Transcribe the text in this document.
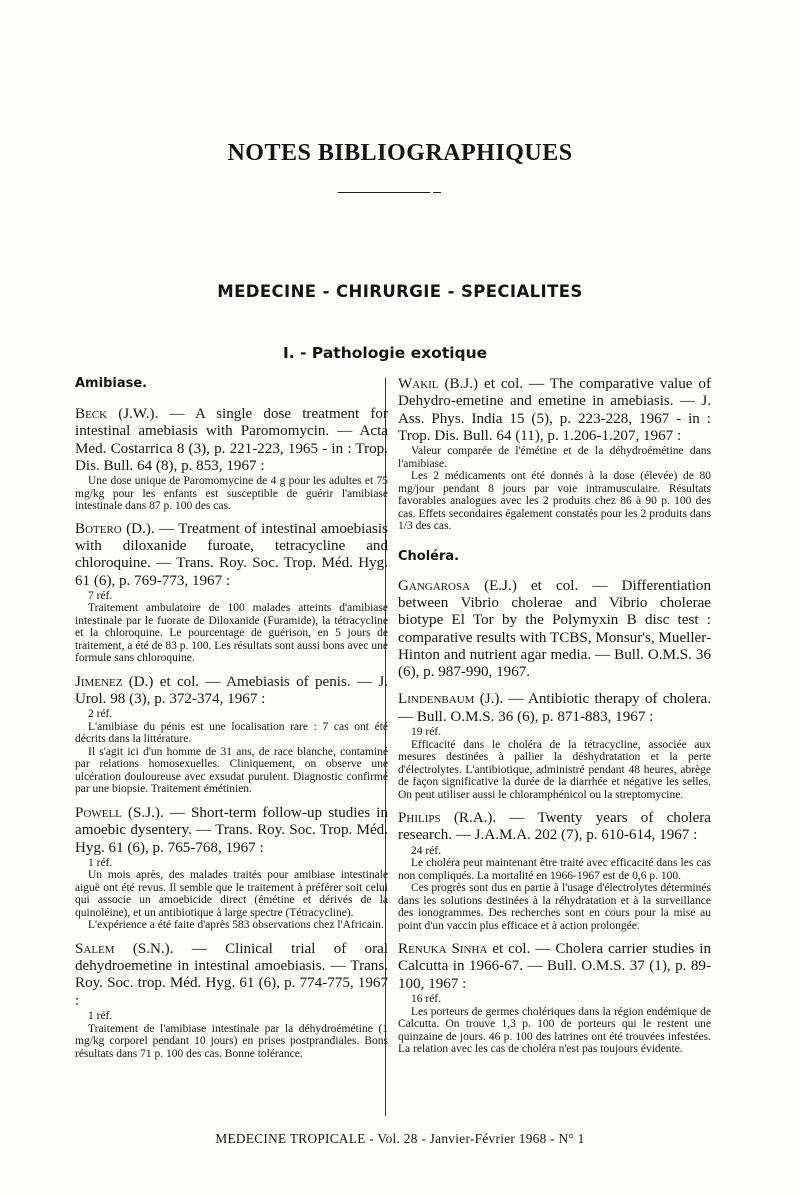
NOTES BIBLIOGRAPHIQUES
MEDECINE - CHIRURGIE - SPECIALITES
I. - Pathologie exotique
Amibiase.

Beck (J.W.). — A single dose treatment for intestinal amebiasis with Paromomycin. — Acta Med. Costarrica 8 (3), p. 221-223, 1965 - in : Trop. Dis. Bull. 64 (8), p. 853, 1967 :

Une dose unique de Paromomycine de 4 g pour les adultes et 75 mg/kg pour les enfants est susceptible de guérir l'amibiase intestinale dans 87 p. 100 des cas.

Botero (D.). — Treatment of intestinal amoebiasis with diloxanide furoate, tetracycline and chloroquine. — Trans. Roy. Soc. Trop. Méd. Hyg. 61 (6), p. 769-773, 1967 :

7 réf.

Traitement ambulatoire de 100 malades atteints d'amibiase intestinale par le fuorate de Diloxanide (Furamide), la tétracycline et la chloroquine. Le pourcentage de guérison, en 5 jours de traitement, a été de 83 p. 100. Les résultats sont aussi bons avec une formule sans chloroquine.

Jimenez (D.) et col. — Amebiasis of penis. — J. Urol. 98 (3), p. 372-374, 1967 :

2 réf.

L'amibiase du pénis est une localisation rare : 7 cas ont été décrits dans la littérature.

Il s'agit ici d'un homme de 31 ans, de race blanche, contaminé par relations homosexuelles. Cliniquement, on observe une ulcération douloureuse avec exsudat purulent. Diagnostic confirmé par une biopsie. Traitement émétinien.

Powell (S.J.). — Short-term follow-up studies in amoebic dysentery. — Trans. Roy. Soc. Trop. Méd. Hyg. 61 (6), p. 765-768, 1967 :

1 réf.

Un mois après, des malades traités pour amibiase intestinale aiguë ont été revus. Il semble que le traitement à préférer soit celui qui associe un amoebicide direct (émétine et dérivés de la quinoléine), et un antibiotique à large spectre (Tétracycline).

L'expérience a été faite d'après 583 observations chez l'Africain.

Salem (S.N.). — Clinical trial of oral dehydroemetine in intestinal amoebiasis. — Trans. Roy. Soc. trop. Méd. Hyg. 61 (6), p. 774-775, 1967 :

1 réf.

Traitement de l'amibiase intestinale par la déhydroémétine (1 mg/kg corporel pendant 10 jours) en prises postprandiales. Bons résultats dans 71 p. 100 des cas. Bonne tolérance.

Wakil (B.J.) et col. — The comparative value of Dehydro-emetine and emetine in amebiasis. — J. Ass. Phys. India 15 (5), p. 223-228, 1967 - in : Trop. Dis. Bull. 64 (11), p. 1.206-1.207, 1967 :

Valeur comparée de l'émétine et de la déhydroémétine dans l'amibiase.

Les 2 médicaments ont été donnés à la dose (élevée) de 80 mg/jour pendant 8 jours par voie intramusculaire. Résultats favorables analogues avec les 2 produits chez 86 à 90 p. 100 des cas. Effets secondaires également constatés pour les 2 produits dans 1/3 des cas.

Choléra.

Gangarosa (E.J.) et col. — Differentiation between Vibrio cholerae and Vibrio cholerae biotype El Tor by the Polymyxin B disc test : comparative results with TCBS, Monsur's, Mueller-Hinton and nutrient agar media. — Bull. O.M.S. 36 (6), p. 987-990, 1967.

Lindenbaum (J.). — Antibiotic therapy of cholera. — Bull. O.M.S. 36 (6), p. 871-883, 1967 :

19 réf.

Efficacité dans le choléra de la tétracycline, associée aux mesures destinées à pallier la déshydratation et la perte d'électrolytes. L'antibiotique, administré pendant 48 heures, abrège de façon significative la durée de la diarrhée et négative les selles. On peut utiliser aussi le chloramphénicol ou la streptomycine.

Philips (R.A.). — Twenty years of cholera research. — J.A.M.A. 202 (7), p. 610-614, 1967 :

24 réf.

Le choléra peut maintenant être traité avec efficacité dans les cas non compliqués. La mortalité en 1966-1967 est de 0,6 p. 100.

Ces progrès sont dus en partie à l'usage d'électrolytes déterminés dans les solutions destinées à la réhydratation et à la surveillance des ionogrammes. Des recherches sont en cours pour la mise au point d'un vaccin plus efficace et à action prolongée.

Renuka Sinha et col. — Cholera carrier studies in Calcutta in 1966-67. — Bull. O.M.S. 37 (1), p. 89-100, 1967 :

16 réf.

Les porteurs de germes cholériques dans la région endémique de Calcutta. On trouve 1,3 p. 100 de porteurs qui le restent une quinzaine de jours. 46 p. 100 des latrines ont été trouvées infestées. La relation avec les cas de choléra n'est pas toujours évidente.

MEDECINE TROPICALE - Vol. 28 - Janvier-Février 1968 - N° 1
